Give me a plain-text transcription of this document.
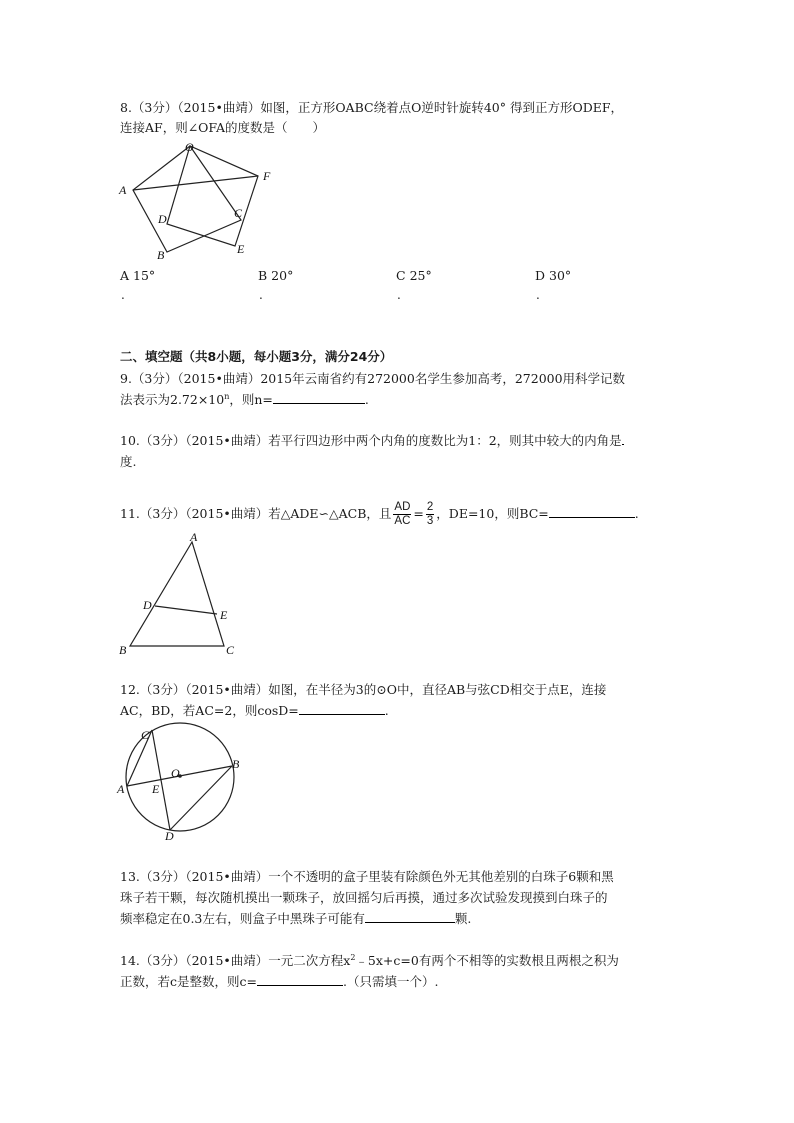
8.（3分）（2015•曲靖）如图，正方形OABC绕着点O逆时针旋转40° 得到正方形ODEF，
连接AF，则∠OFA的度数是（　　）
O
A
F
D	C
B	E
A 15°	B 20°	C 25°	D 30°
.	.	.	.
二、填空题（共8小题，每小题3分，满分24分）
9.（3分）（2015•曲靖）2015年云南省约有272000名学生参加高考，272000用科学记数
法表示为$2.72\times 10^n$，则n=	.
10.（3分）（2015•曲靖）若平行四边形中两个内角的度数比为1：2，则其中较大的内角是
度.
11.（3分）（2015•曲靖）若△ADE∽△ACB，且 $\frac{AD}{AC} = \frac{2}{3}$ ，DE=10，则BC=	.
A
D
E
B	C
12.（3分）（2015•曲靖）如图，在半径为3的⊙O中，直径AB与弦CD相交于点E，连接
AC，BD，若AC=2，则cosD=	.
C
O
B
A E
D
13.（3分）（2015•曲靖）一个不透明的盒子里装有除颜色外无其他差别的白珠子6颗和黑
珠子若干颗，每次随机摸出一颗珠子，放回摇匀后再摸，通过多次试验发现摸到白珠子的
频率稳定在0.3左右，则盒子中黑珠子可能有	颗.
14.（3分）（2015•曲靖）一元二次方程$x^2﹣5x+c=0$有两个不相等的实数根且两根之积为
正数，若c是整数，则c=	.（只需填一个）.
